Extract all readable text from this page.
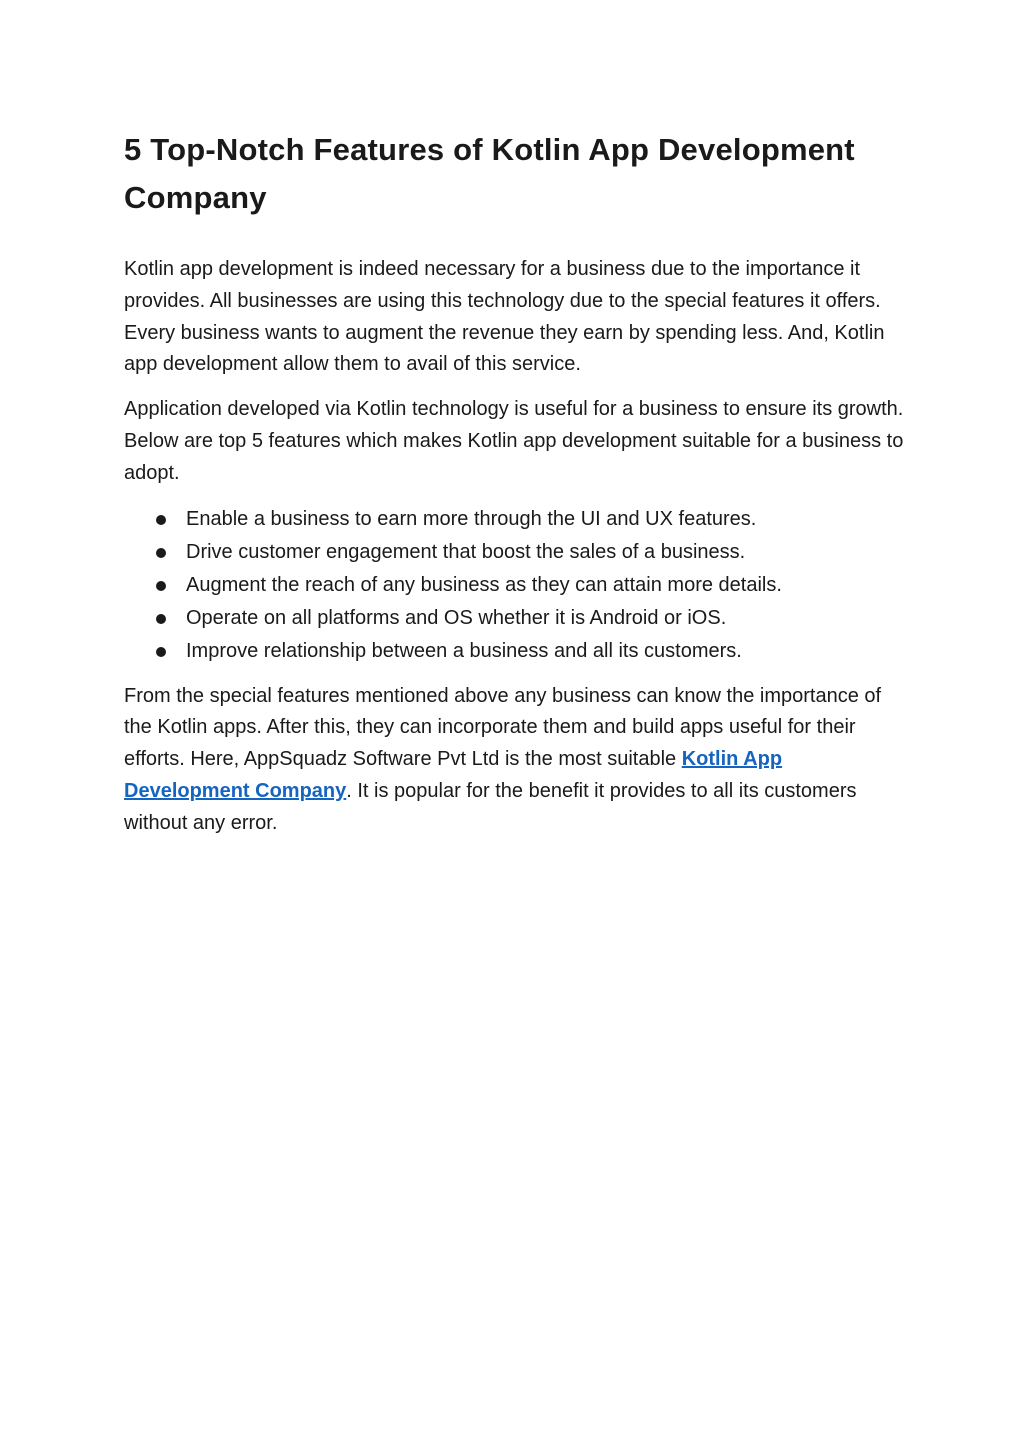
5 Top-Notch Features of Kotlin App Development Company

Kotlin app development is indeed necessary for a business due to the importance it provides. All businesses are using this technology due to the special features it offers. Every business wants to augment the revenue they earn by spending less. And, Kotlin app development allow them to avail of this service.

Application developed via Kotlin technology is useful for a business to ensure its growth. Below are top 5 features which makes Kotlin app development suitable for a business to adopt.

Enable a business to earn more through the UI and UX features.
Drive customer engagement that boost the sales of a business.
Augment the reach of any business as they can attain more details.
Operate on all platforms and OS whether it is Android or iOS.
Improve relationship between a business and all its customers.

From the special features mentioned above any business can know the importance of the Kotlin apps. After this, they can incorporate them and build apps useful for their efforts. Here, AppSquadz Software Pvt Ltd is the most suitable Kotlin App Development Company. It is popular for the benefit it provides to all its customers without any error.
